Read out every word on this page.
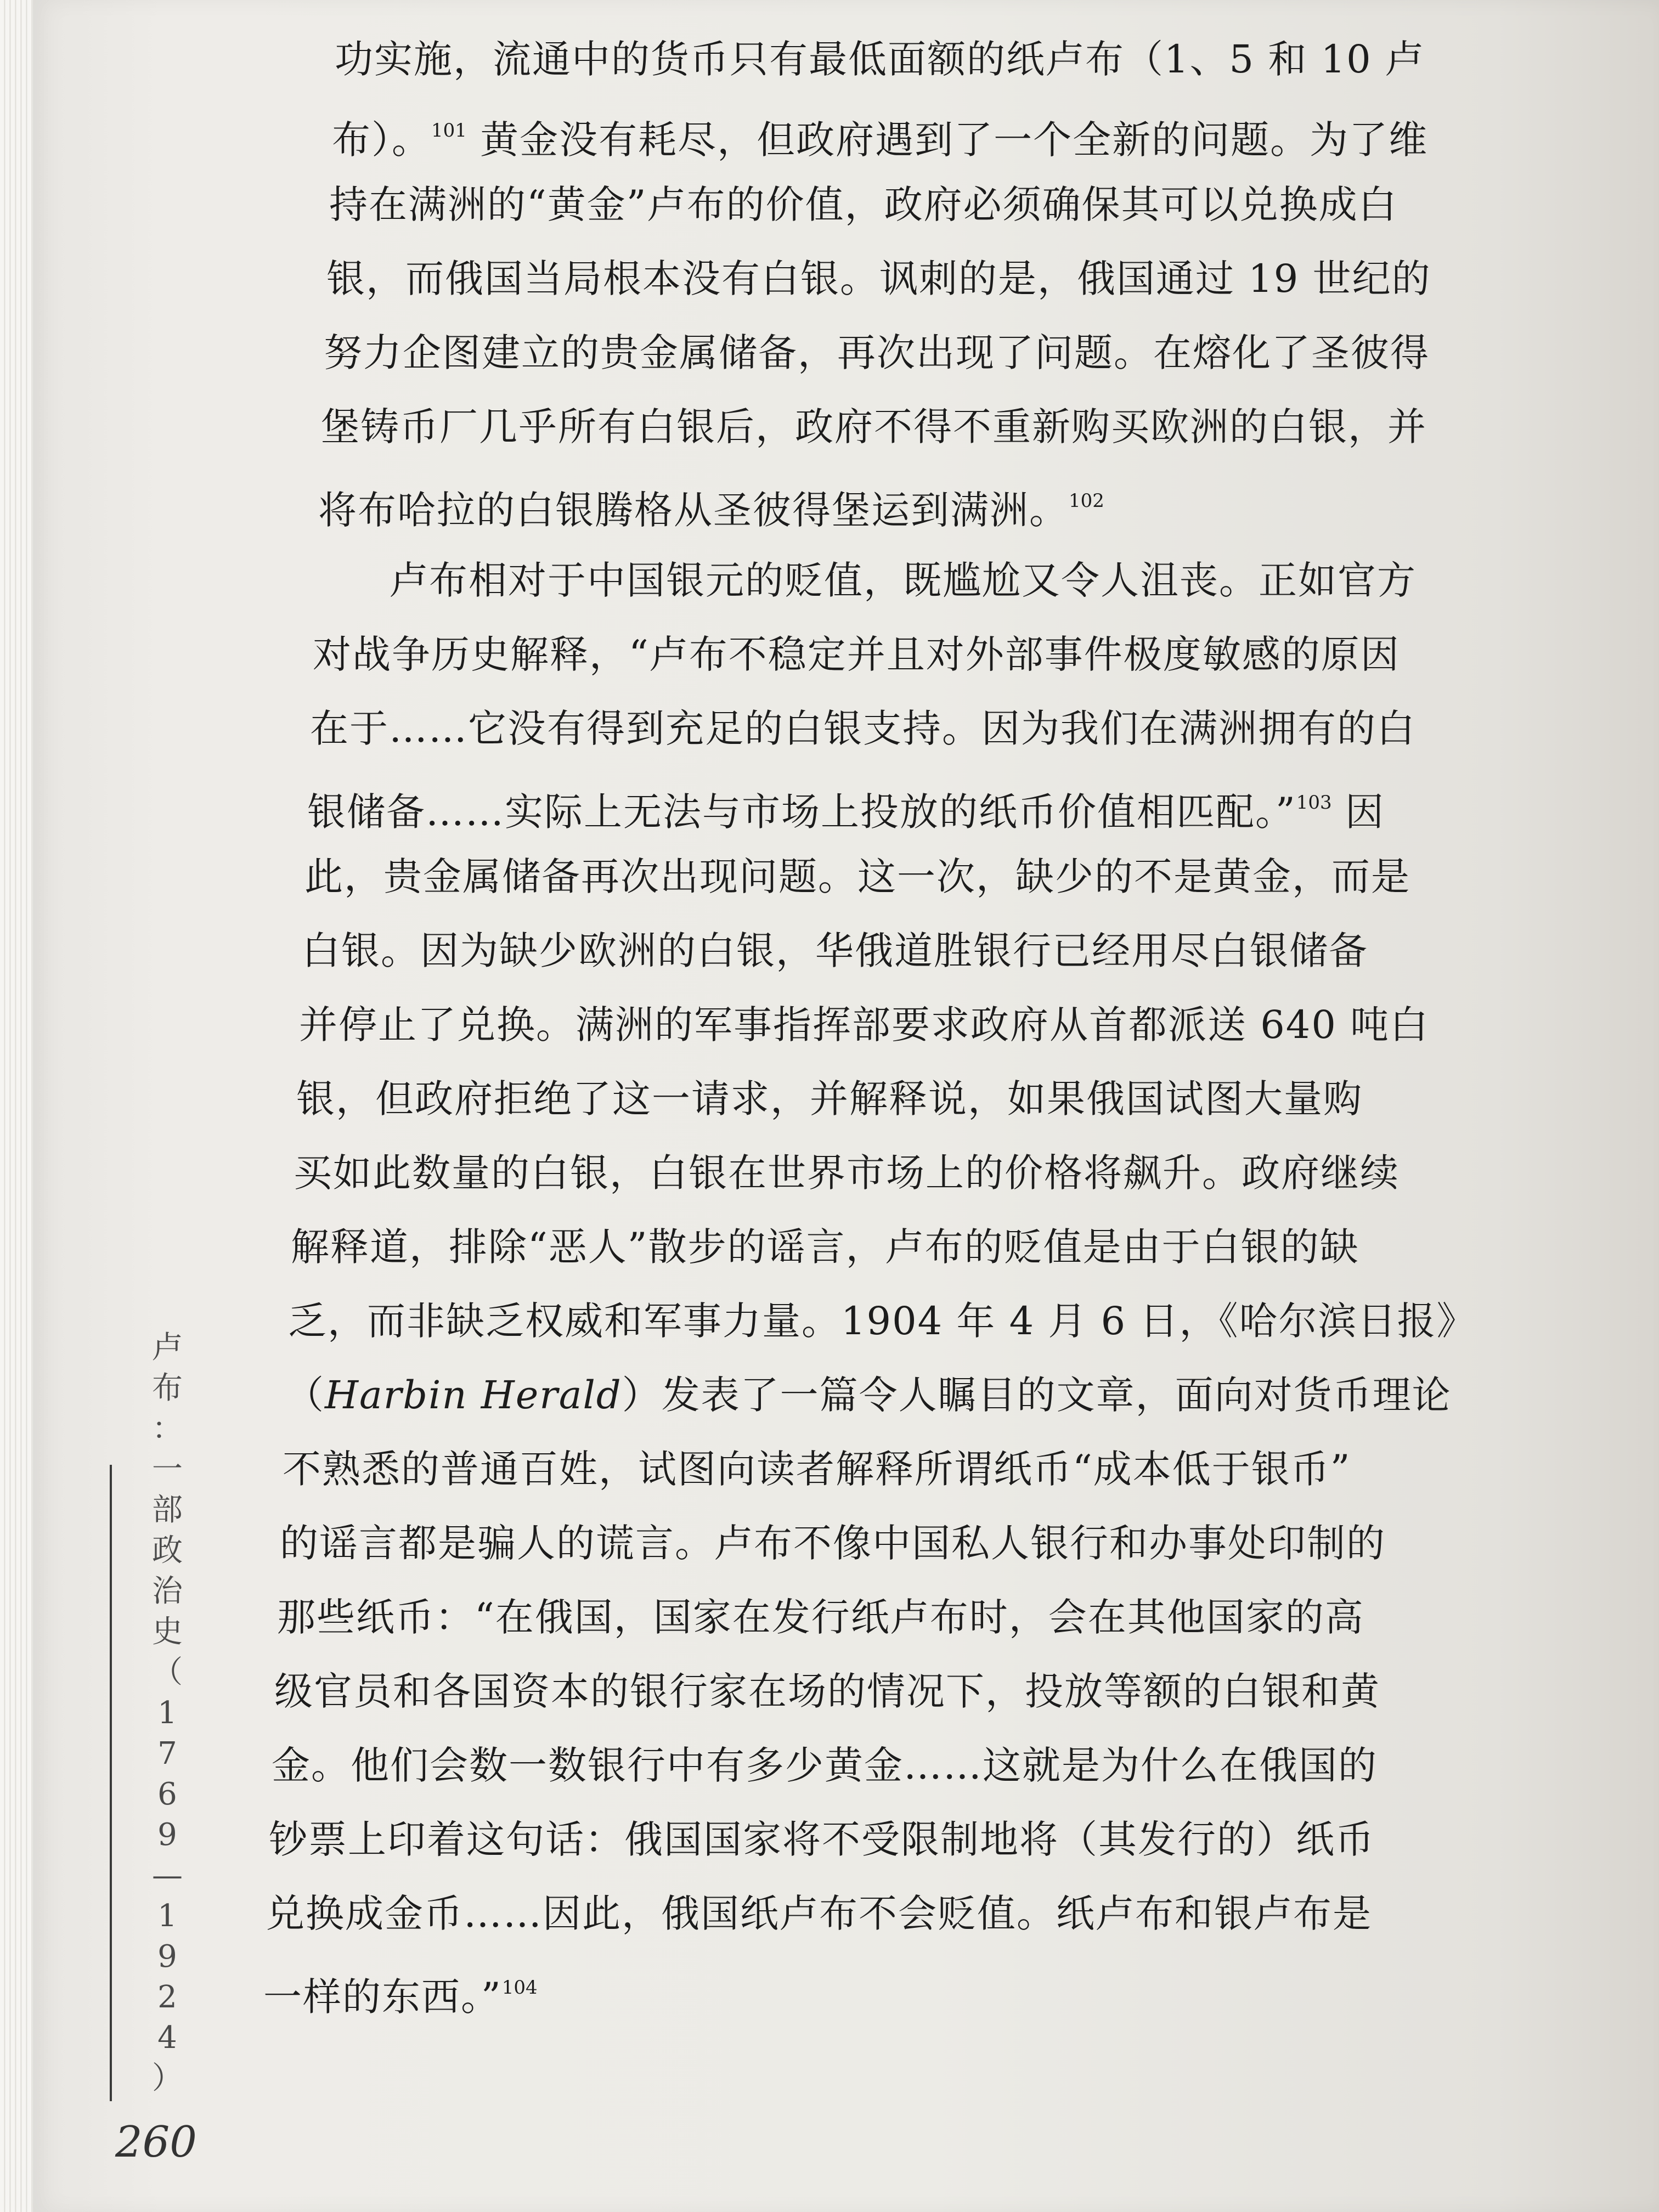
功实施，流通中的货币只有最低面额的纸卢布（1、5 和 10 卢
布）。$^{101}$ 黄金没有耗尽，但政府遇到了一个全新的问题。为了维
持在满洲的“黄金”卢布的价值，政府必须确保其可以兑换成白
银，而俄国当局根本没有白银。讽刺的是，俄国通过 19 世纪的
努力企图建立的贵金属储备，再次出现了问题。在熔化了圣彼得
堡铸币厂几乎所有白银后，政府不得不重新购买欧洲的白银，并
将布哈拉的白银腾格从圣彼得堡运到满洲。$^{102}$
卢布相对于中国银元的贬值，既尴尬又令人沮丧。正如官方
对战争历史解释，“卢布不稳定并且对外部事件极度敏感的原因
在于……它没有得到充足的白银支持。因为我们在满洲拥有的白
银储备……实际上无法与市场上投放的纸币价值相匹配。”$^{103}$ 因
此，贵金属储备再次出现问题。这一次，缺少的不是黄金，而是
白银。因为缺少欧洲的白银，华俄道胜银行已经用尽白银储备
并停止了兑换。满洲的军事指挥部要求政府从首都派送 640 吨白
银，但政府拒绝了这一请求，并解释说，如果俄国试图大量购
买如此数量的白银，白银在世界市场上的价格将飙升。政府继续
解释道，排除“恶人”散步的谣言，卢布的贬值是由于白银的缺
乏，而非缺乏权威和军事力量。1904 年 4 月 6 日，《哈尔滨日报》
（Harbin Herald）发表了一篇令人瞩目的文章，面向对货币理论
不熟悉的普通百姓，试图向读者解释所谓纸币“成本低于银币”
的谣言都是骗人的谎言。卢布不像中国私人银行和办事处印制的
那些纸币：“在俄国，国家在发行纸卢布时，会在其他国家的高
级官员和各国资本的银行家在场的情况下，投放等额的白银和黄
金。他们会数一数银行中有多少黄金……这就是为什么在俄国的
钞票上印着这句话：俄国国家将不受限制地将（其发行的）纸币
兑换成金币……因此，俄国纸卢布不会贬值。纸卢布和银卢布是
一样的东西。”$^{104}$
卢
布
：
一
部
政
治
史
（
1
7
6
9
—
1
9
2
4
）
260
